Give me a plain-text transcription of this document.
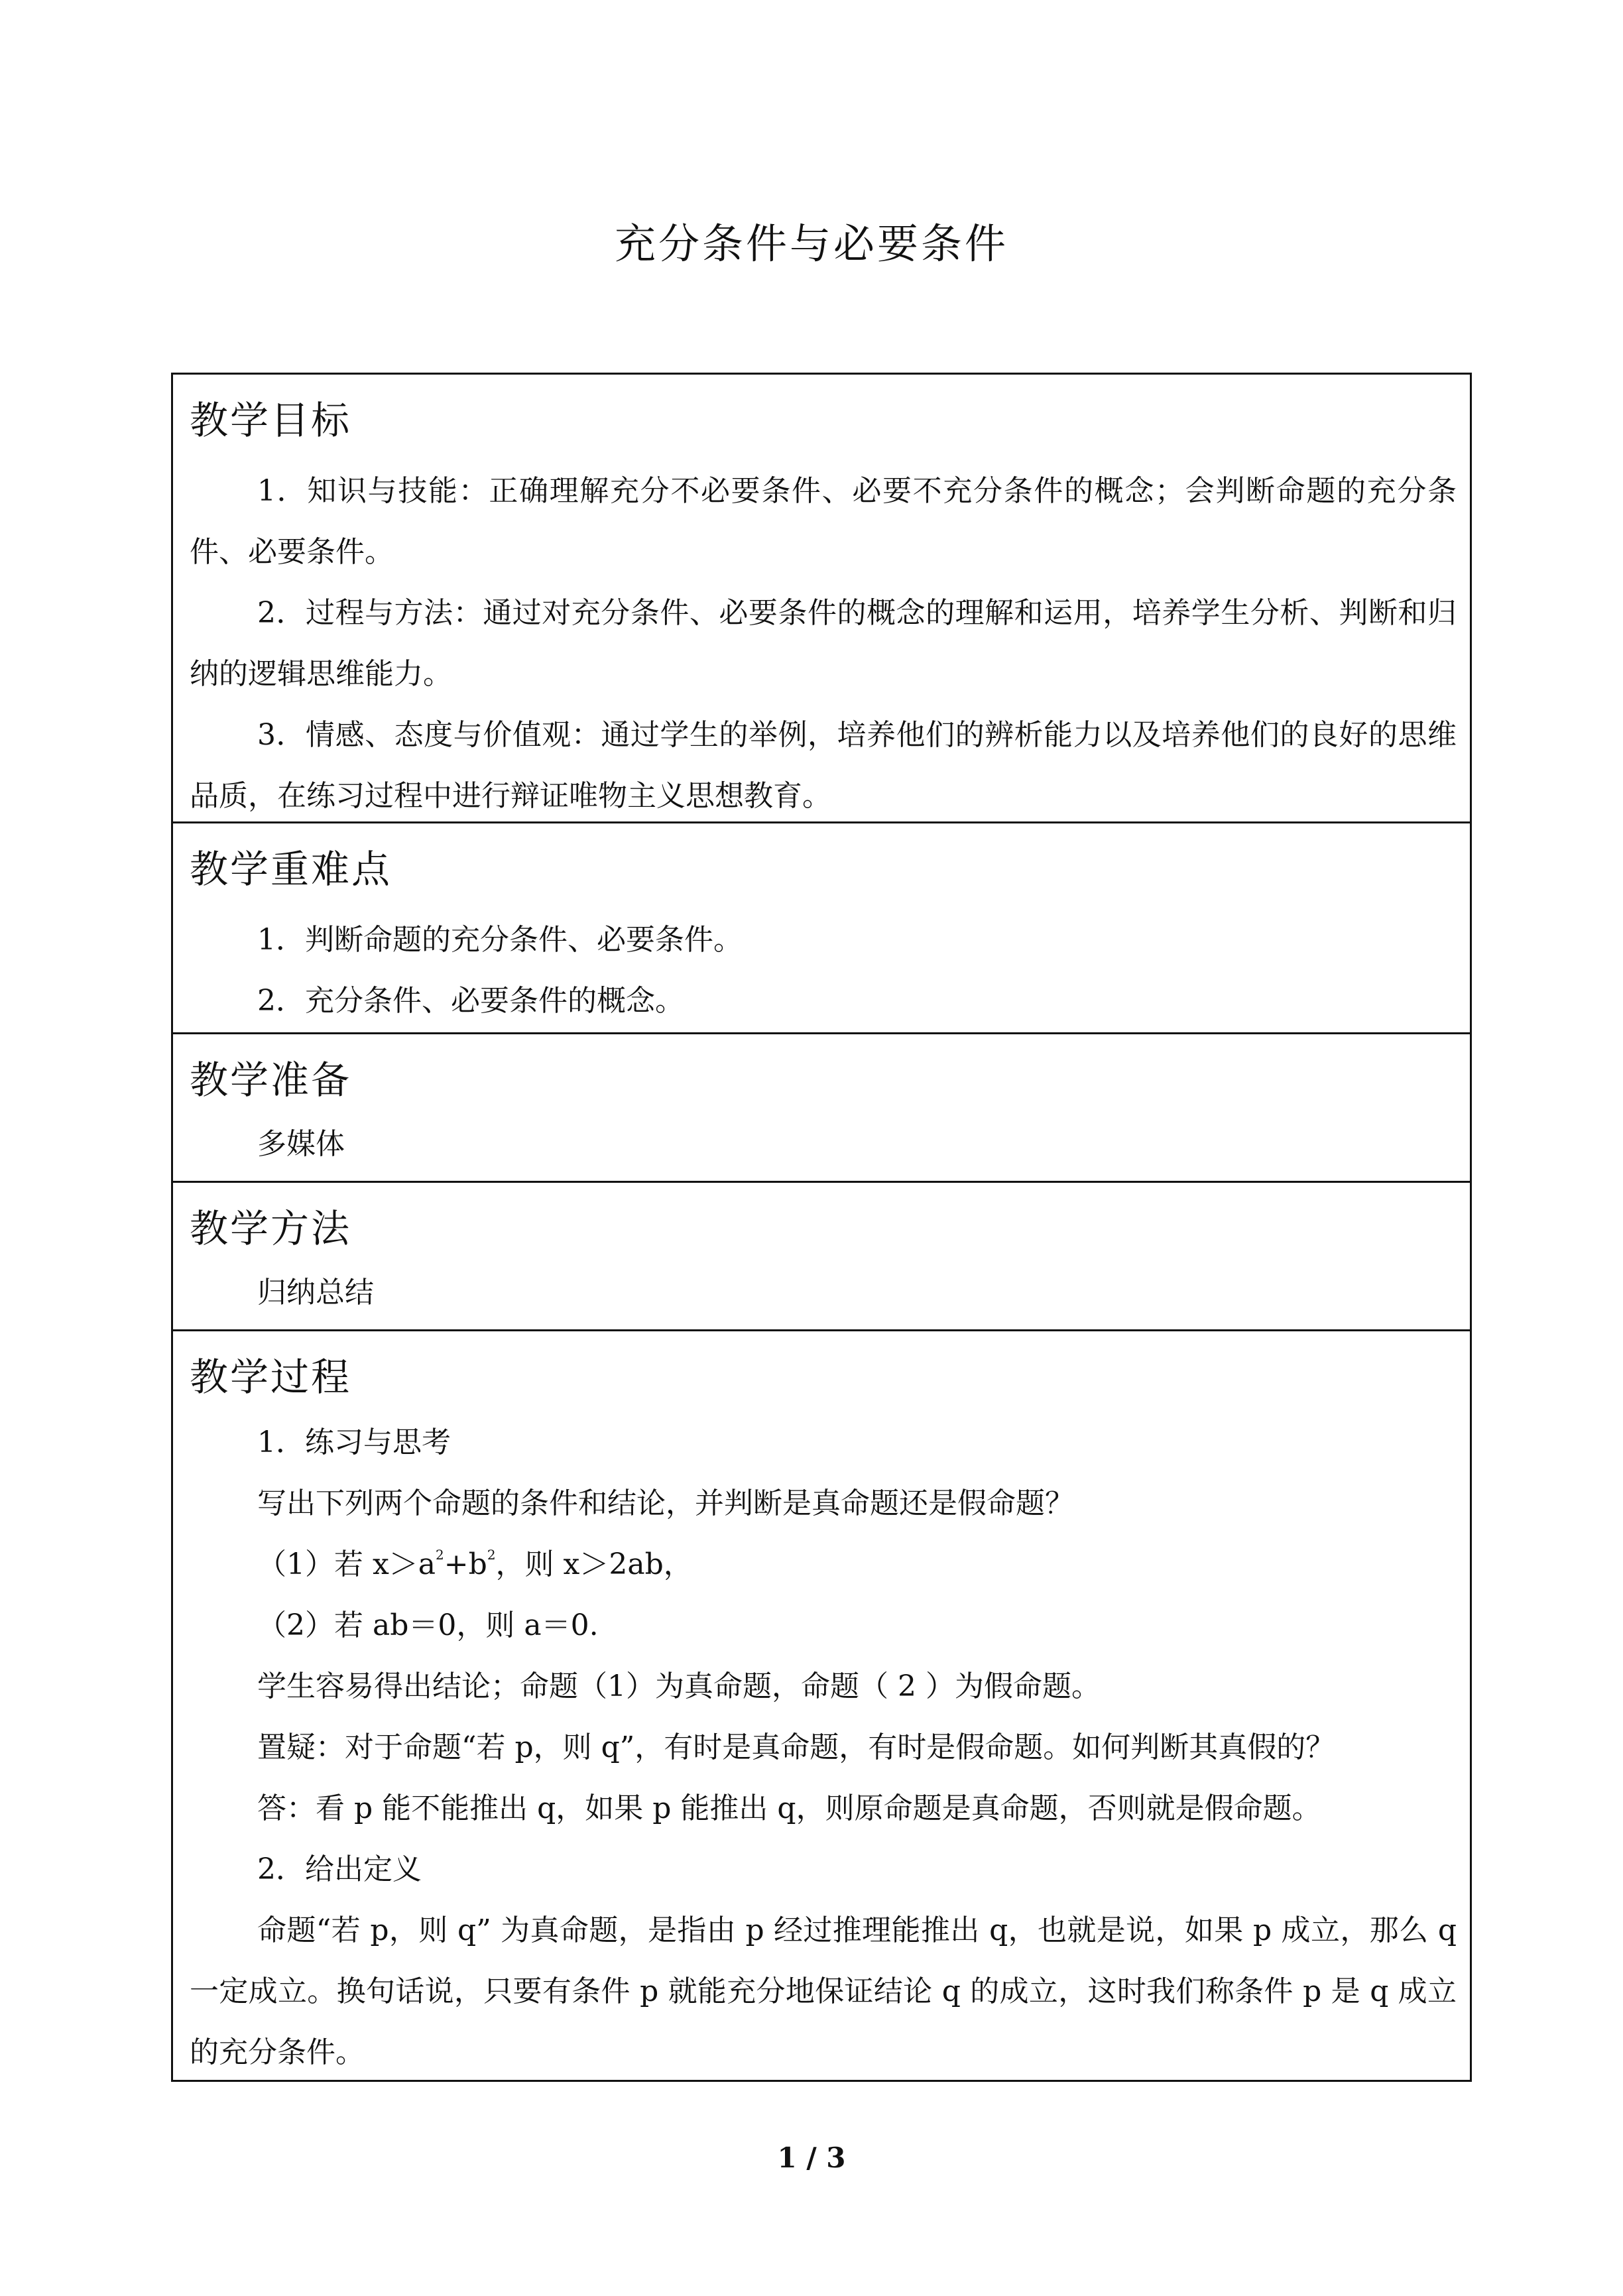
充分条件与必要条件
教学目标

1．知识与技能：正确理解充分不必要条件、必要不充分条件的概念；会判断命题的充分条件、必要条件。

2．过程与方法：通过对充分条件、必要条件的概念的理解和运用，培养学生分析、判断和归纳的逻辑思维能力。

3．情感、态度与价值观：通过学生的举例，培养他们的辨析能力以及培养他们的良好的思维品质，在练习过程中进行辩证唯物主义思想教育。

教学重难点

1．判断命题的充分条件、必要条件。

2．充分条件、必要条件的概念。

教学准备

多媒体

教学方法

归纳总结

教学过程

1．练习与思考

写出下列两个命题的条件和结论，并判断是真命题还是假命题？

（1）若 $x>a^2+b^2$，则 x＞2ab，

（2）若 ab＝0，则 a＝0.

学生容易得出结论；命题（1）为真命题，命题（ 2 ）为假命题。

置疑：对于命题“若 p，则 q”，有时是真命题，有时是假命题。如何判断其真假的？

答：看 p 能不能推出 q，如果 p 能推出 q，则原命题是真命题，否则就是假命题。

2．给出定义

命题“若 p，则 q” 为真命题，是指由 p 经过推理能推出 q，也就是说，如果 p 成立，那么 q 一定成立。换句话说，只要有条件 p 就能充分地保证结论 q 的成立，这时我们称条件 p 是 q 成立的充分条件。

1 / 3
